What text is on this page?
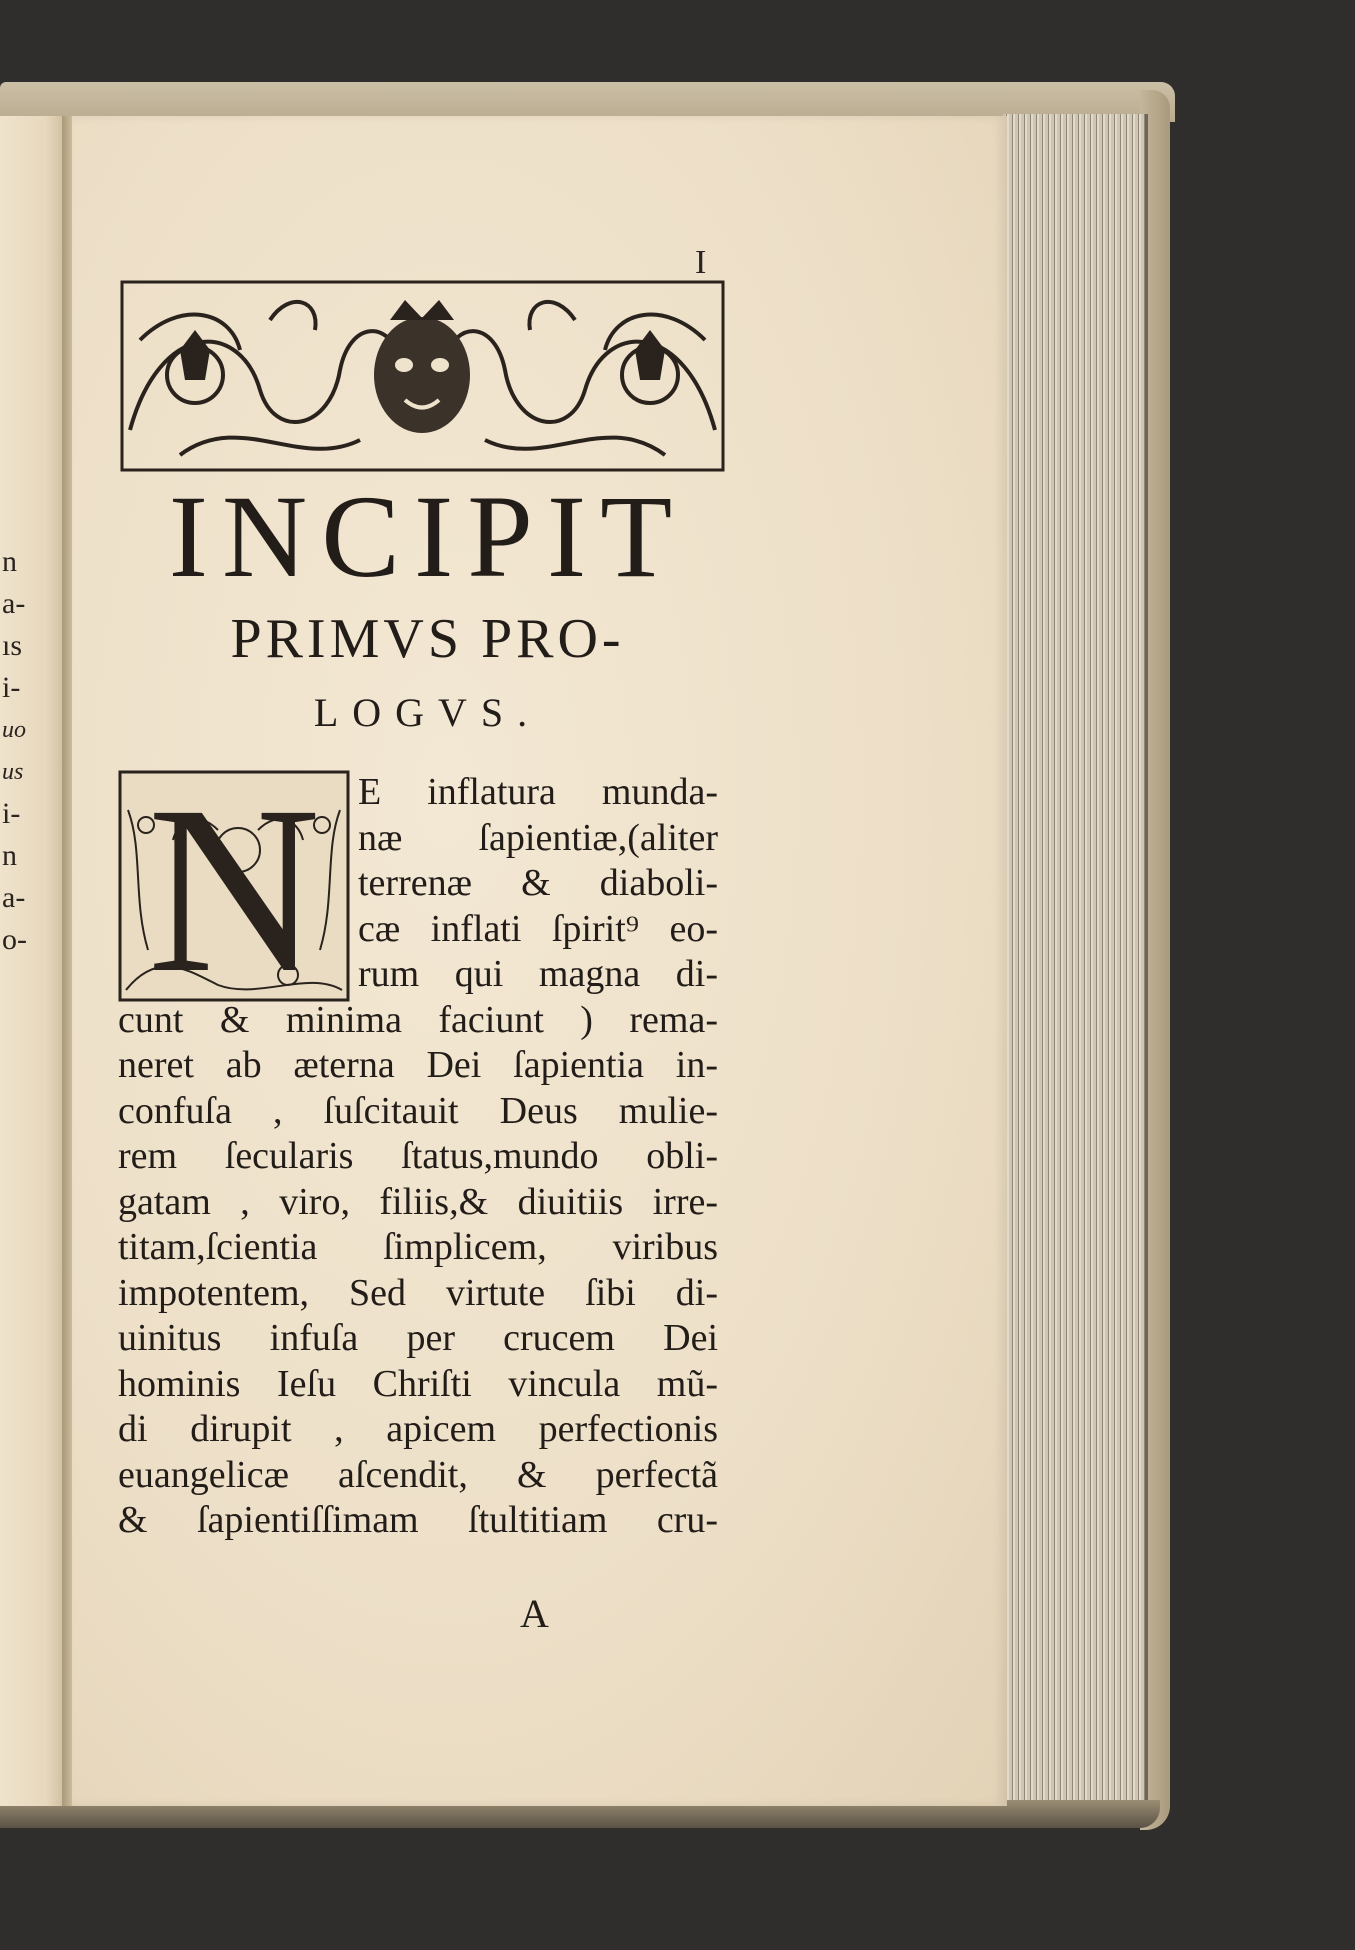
n
a-
ıs
i-
uo
us
i-
n
a-
o-
I
INCIPIT
PRIMVS PRO-
LOGVS.
N E inflatura munda-
næ ſapientiæ,(aliter
terrenæ & diaboli-
cæ inflati ſpirit⁹ eo-
rum qui magna di-
cunt & minima faciunt ) rema-
neret ab æterna Dei ſapientia in-
confuſa , ſuſcitauit Deus mulie-
rem ſecularis ſtatus,mundo obli-
gatam , viro, filiis,& diuitiis irre-
titam,ſcientia ſimplicem, viribus
impotentem, Sed virtute ſibi di-
uinitus infuſa per crucem Dei
hominis Ieſu Chriſti vincula mũ-
di dirupit , apicem perfectionis
euangelicæ aſcendit, & perfectã
& ſapientiſſimam ſtultitiam cru-
A
